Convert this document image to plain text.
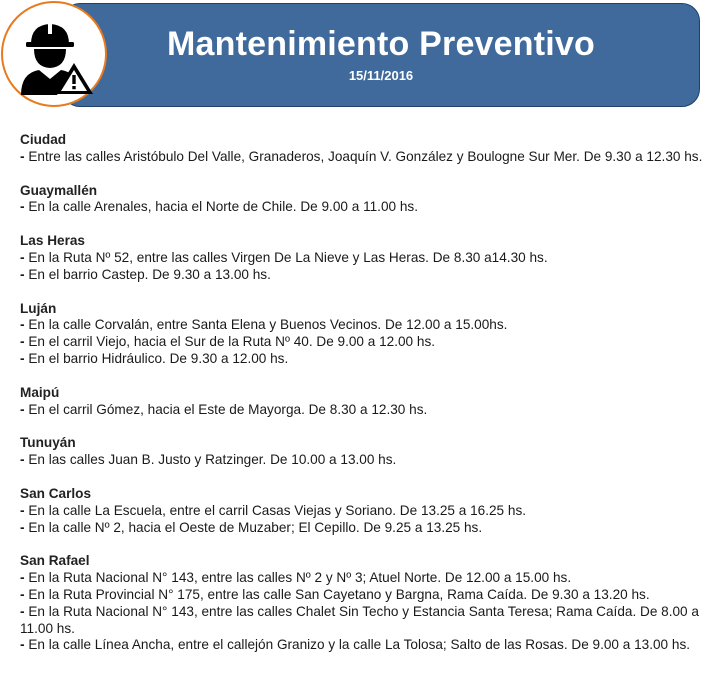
Mantenimiento Preventivo
15/11/2016
Ciudad
- Entre las calles Aristóbulo Del Valle, Granaderos, Joaquín V. González y Boulogne Sur Mer. De 9.30 a 12.30 hs.
Guaymallén
- En la calle Arenales, hacia el Norte de Chile. De 9.00 a 11.00 hs.
Las Heras
- En la Ruta Nº 52, entre las calles Virgen De La Nieve y Las Heras. De 8.30 a14.30 hs.
- En el barrio Castep. De 9.30 a 13.00 hs.
Luján
- En la calle Corvalán, entre Santa Elena y Buenos Vecinos. De 12.00 a 15.00hs.
- En el carril Viejo, hacia el Sur de la Ruta Nº 40. De 9.00 a 12.00 hs.
- En el barrio Hidráulico. De 9.30 a 12.00 hs.
Maipú
- En el carril Gómez, hacia el Este de Mayorga. De 8.30 a 12.30 hs.
Tunuyán
- En las calles Juan B. Justo y Ratzinger. De 10.00 a 13.00 hs.
San Carlos
- En la calle La Escuela, entre el carril Casas Viejas y Soriano. De 13.25 a 16.25 hs.
- En la calle Nº 2, hacia el Oeste de Muzaber; El Cepillo. De 9.25 a 13.25 hs.
San Rafael
- En la Ruta Nacional N° 143, entre las calles Nº 2 y Nº 3; Atuel Norte. De 12.00 a 15.00 hs.
- En la Ruta Provincial N° 175, entre las calle San Cayetano y Bargna, Rama Caída. De 9.30 a 13.20 hs.
- En la Ruta Nacional N° 143, entre las calles Chalet Sin Techo y Estancia Santa Teresa; Rama Caída. De 8.00 a 11.00 hs.
- En la calle Línea Ancha, entre el callejón Granizo y la calle La Tolosa; Salto de las Rosas. De 9.00 a 13.00 hs.
